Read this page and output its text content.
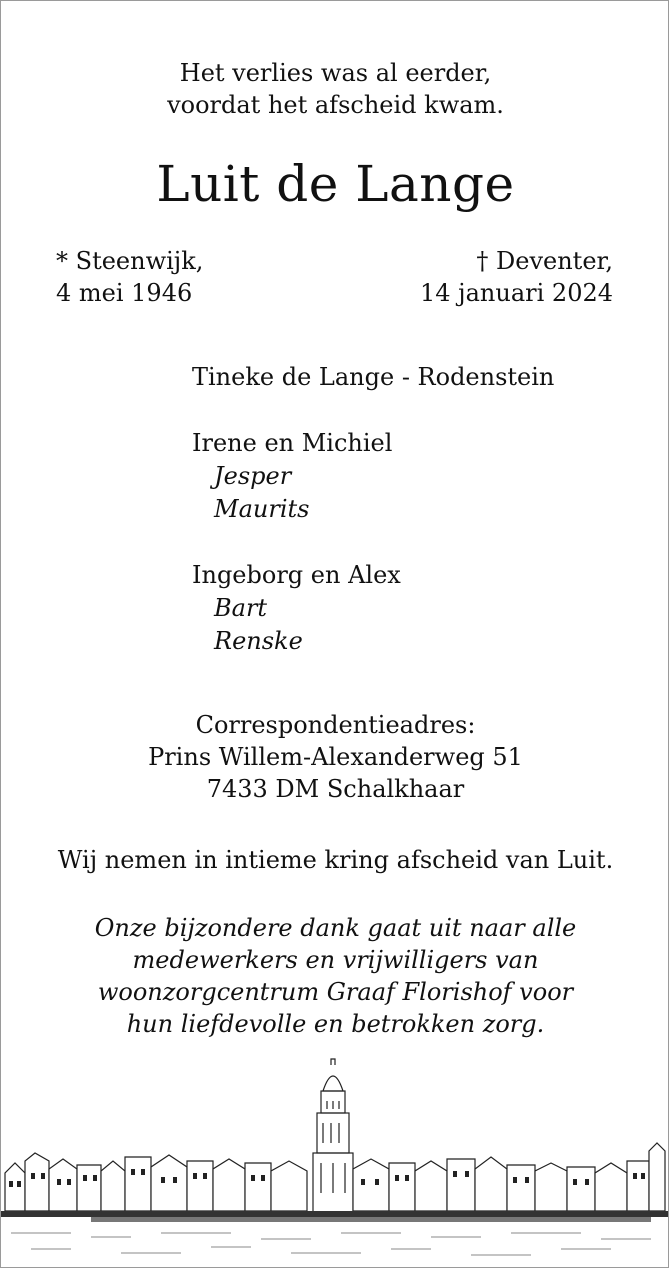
Het verlies was al eerder,
voordat het afscheid kwam.
Luit de Lange
* Steenwijk,
4 mei 1946
† Deventer,
14 januari 2024
Tineke de Lange - Rodenstein
Irene en Michiel
Jesper
Maurits
Ingeborg en Alex
Bart
Renske
Correspondentieadres:
Prins Willem-Alexanderweg 51
7433 DM Schalkhaar
Wij nemen in intieme kring afscheid van Luit.
Onze bijzondere dank gaat uit naar alle
medewerkers en vrijwilligers van
woonzorgcentrum Graaf Florishof voor
hun liefdevolle en betrokken zorg.
